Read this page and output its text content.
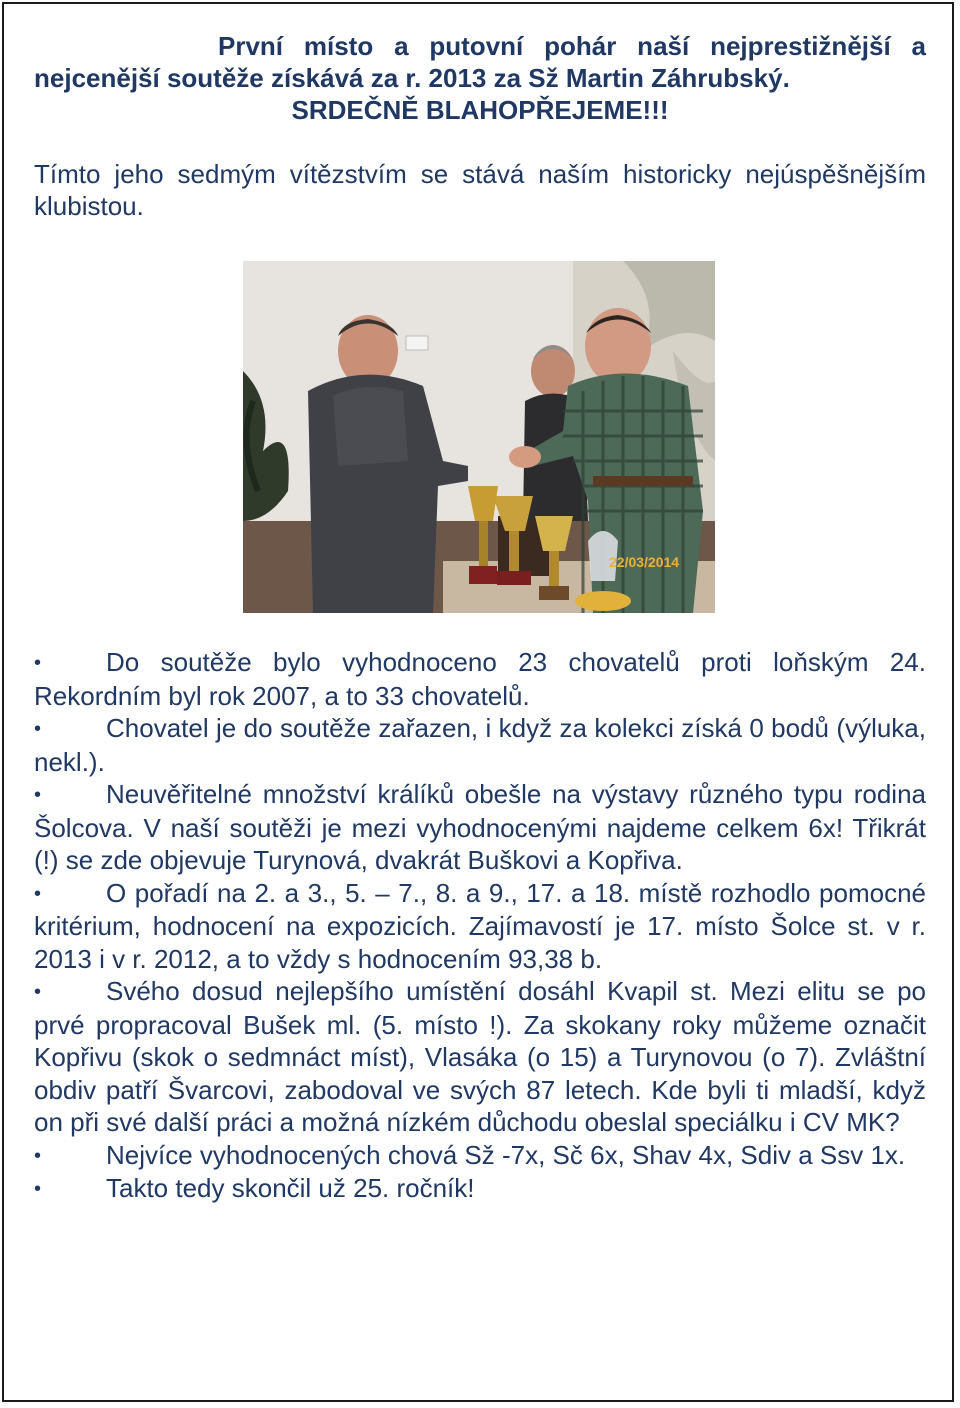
První místo a putovní pohár naší nejprestižnější a nejcenější soutěže získává za r. 2013 za Sž Martin Záhrubský.
SRDEČNĚ BLAHOPŘEJEME!!!
Tímto jeho sedmým vítězstvím se stává naším historicky nejúspěšnějším klubistou.
22/03/2014
•Do soutěže bylo vyhodnoceno 23 chovatelů proti loňským 24. Rekordním byl rok 2007, a to 33 chovatelů.
•Chovatel je do soutěže zařazen, i když za kolekci získá 0 bodů (výluka, nekl.).
•Neuvěřitelné množství králíků obešle na výstavy různého typu rodina Šolcova. V naší soutěži je mezi vyhodnocenými najdeme celkem 6x! Třikrát (!) se zde objevuje Turynová, dvakrát Buškovi a Kopřiva.
•O pořadí na 2. a 3., 5. – 7., 8. a 9., 17. a 18. místě rozhodlo pomocné kritérium, hodnocení na expozicích. Zajímavostí je 17. místo Šolce st. v r. 2013 i v r. 2012, a to vždy s hodnocením 93,38 b.
•Svého dosud nejlepšího umístění dosáhl Kvapil st. Mezi elitu se po prvé propracoval Bušek ml. (5. místo !). Za skokany roky můžeme označit Kopřivu (skok o sedmnáct míst), Vlasáka (o 15) a Turynovou (o 7). Zvláštní obdiv patří Švarcovi, zabodoval ve svých 87 letech. Kde byli ti mladší, když on při své další práci a možná nízkém důchodu obeslal speciálku i CV MK?
•Nejvíce vyhodnocených chová Sž -7x, Sč 6x, Shav 4x, Sdiv a Ssv 1x.
•Takto tedy skončil už 25. ročník!
